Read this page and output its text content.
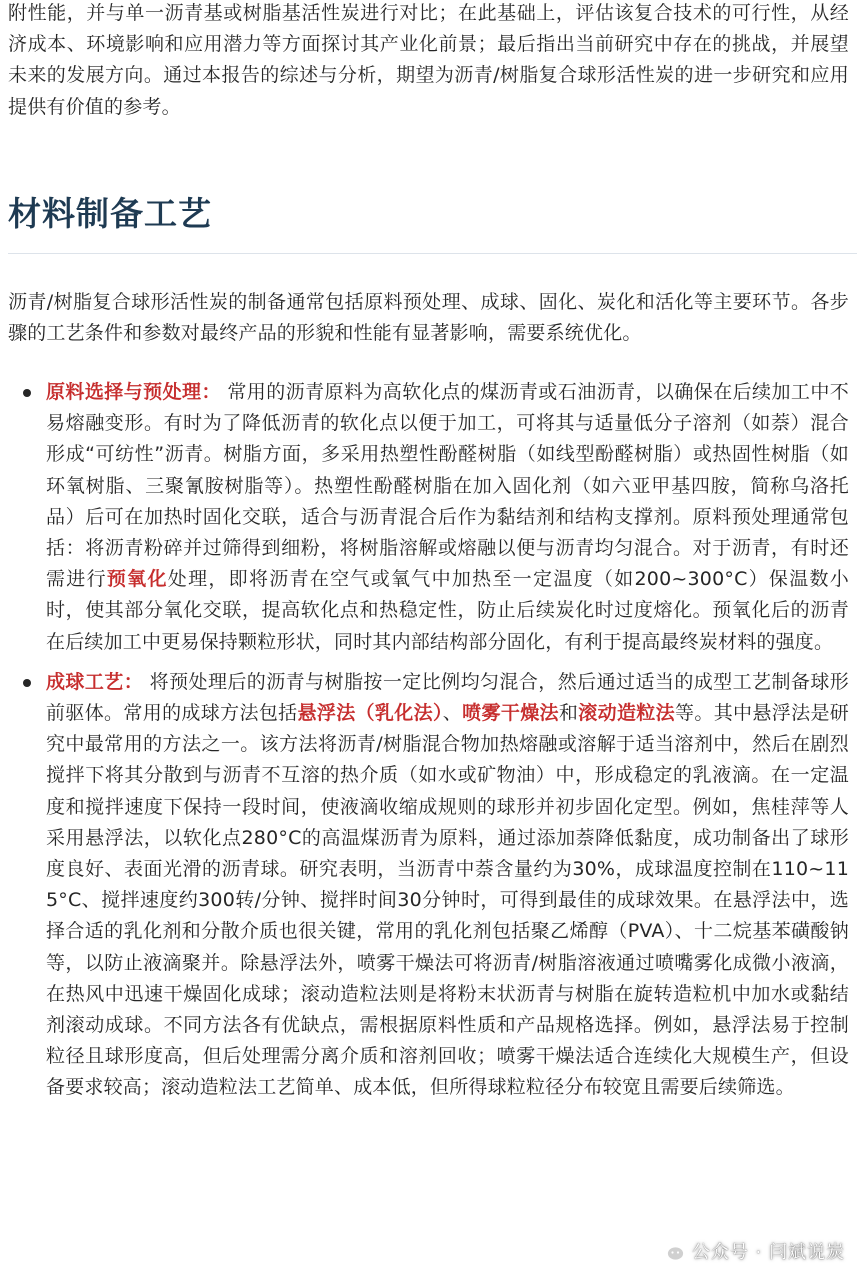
附性能，并与单一沥青基或树脂基活性炭进行对比；在此基础上，评估该复合技术的可行性，从经济成本、环境影响和应用潜力等方面探讨其产业化前景；最后指出当前研究中存在的挑战，并展望未来的发展方向。通过本报告的综述与分析，期望为沥青/树脂复合球形活性炭的进一步研究和应用提供有价值的参考。

材料制备工艺

沥青/树脂复合球形活性炭的制备通常包括原料预处理、成球、固化、炭化和活化等主要环节。各步骤的工艺条件和参数对最终产品的形貌和性能有显著影响，需要系统优化。

原料选择与预处理： 常用的沥青原料为高软化点的煤沥青或石油沥青，以确保在后续加工中不易熔融变形。有时为了降低沥青的软化点以便于加工，可将其与适量低分子溶剂（如萘）混合形成“可纺性”沥青。树脂方面，多采用热塑性酚醛树脂（如线型酚醛树脂）或热固性树脂（如环氧树脂、三聚氰胺树脂等）。热塑性酚醛树脂在加入固化剂（如六亚甲基四胺，简称乌洛托品）后可在加热时固化交联，适合与沥青混合后作为黏结剂和结构支撑剂。原料预处理通常包括：将沥青粉碎并过筛得到细粉，将树脂溶解或熔融以便与沥青均匀混合。对于沥青，有时还需进行预氧化处理，即将沥青在空气或氧气中加热至一定温度（如200~300°C）保温数小时，使其部分氧化交联，提高软化点和热稳定性，防止后续炭化时过度熔化。预氧化后的沥青在后续加工中更易保持颗粒形状，同时其内部结构部分固化，有利于提高最终炭材料的强度。
成球工艺： 将预处理后的沥青与树脂按一定比例均匀混合，然后通过适当的成型工艺制备球形前驱体。常用的成球方法包括悬浮法（乳化法）、喷雾干燥法和滚动造粒法等。其中悬浮法是研究中最常用的方法之一。该方法将沥青/树脂混合物加热熔融或溶解于适当溶剂中，然后在剧烈搅拌下将其分散到与沥青不互溶的热介质（如水或矿物油）中，形成稳定的乳液滴。在一定温度和搅拌速度下保持一段时间，使液滴收缩成规则的球形并初步固化定型。例如，焦桂萍等人采用悬浮法，以软化点280°C的高温煤沥青为原料，通过添加萘降低黏度，成功制备出了球形度良好、表面光滑的沥青球。研究表明，当沥青中萘含量约为30%，成球温度控制在110~115°C、搅拌速度约300转/分钟、搅拌时间30分钟时，可得到最佳的成球效果。在悬浮法中，选择合适的乳化剂和分散介质也很关键，常用的乳化剂包括聚乙烯醇（PVA）、十二烷基苯磺酸钠等，以防止液滴聚并。除悬浮法外，喷雾干燥法可将沥青/树脂溶液通过喷嘴雾化成微小液滴，在热风中迅速干燥固化成球；滚动造粒法则是将粉末状沥青与树脂在旋转造粒机中加水或黏结剂滚动成球。不同方法各有优缺点，需根据原料性质和产品规格选择。例如，悬浮法易于控制粒径且球形度高，但后处理需分离介质和溶剂回收；喷雾干燥法适合连续化大规模生产，但设备要求较高；滚动造粒法工艺简单、成本低，但所得球粒粒径分布较宽且需要后续筛选。
公众号 · 闫斌说炭
